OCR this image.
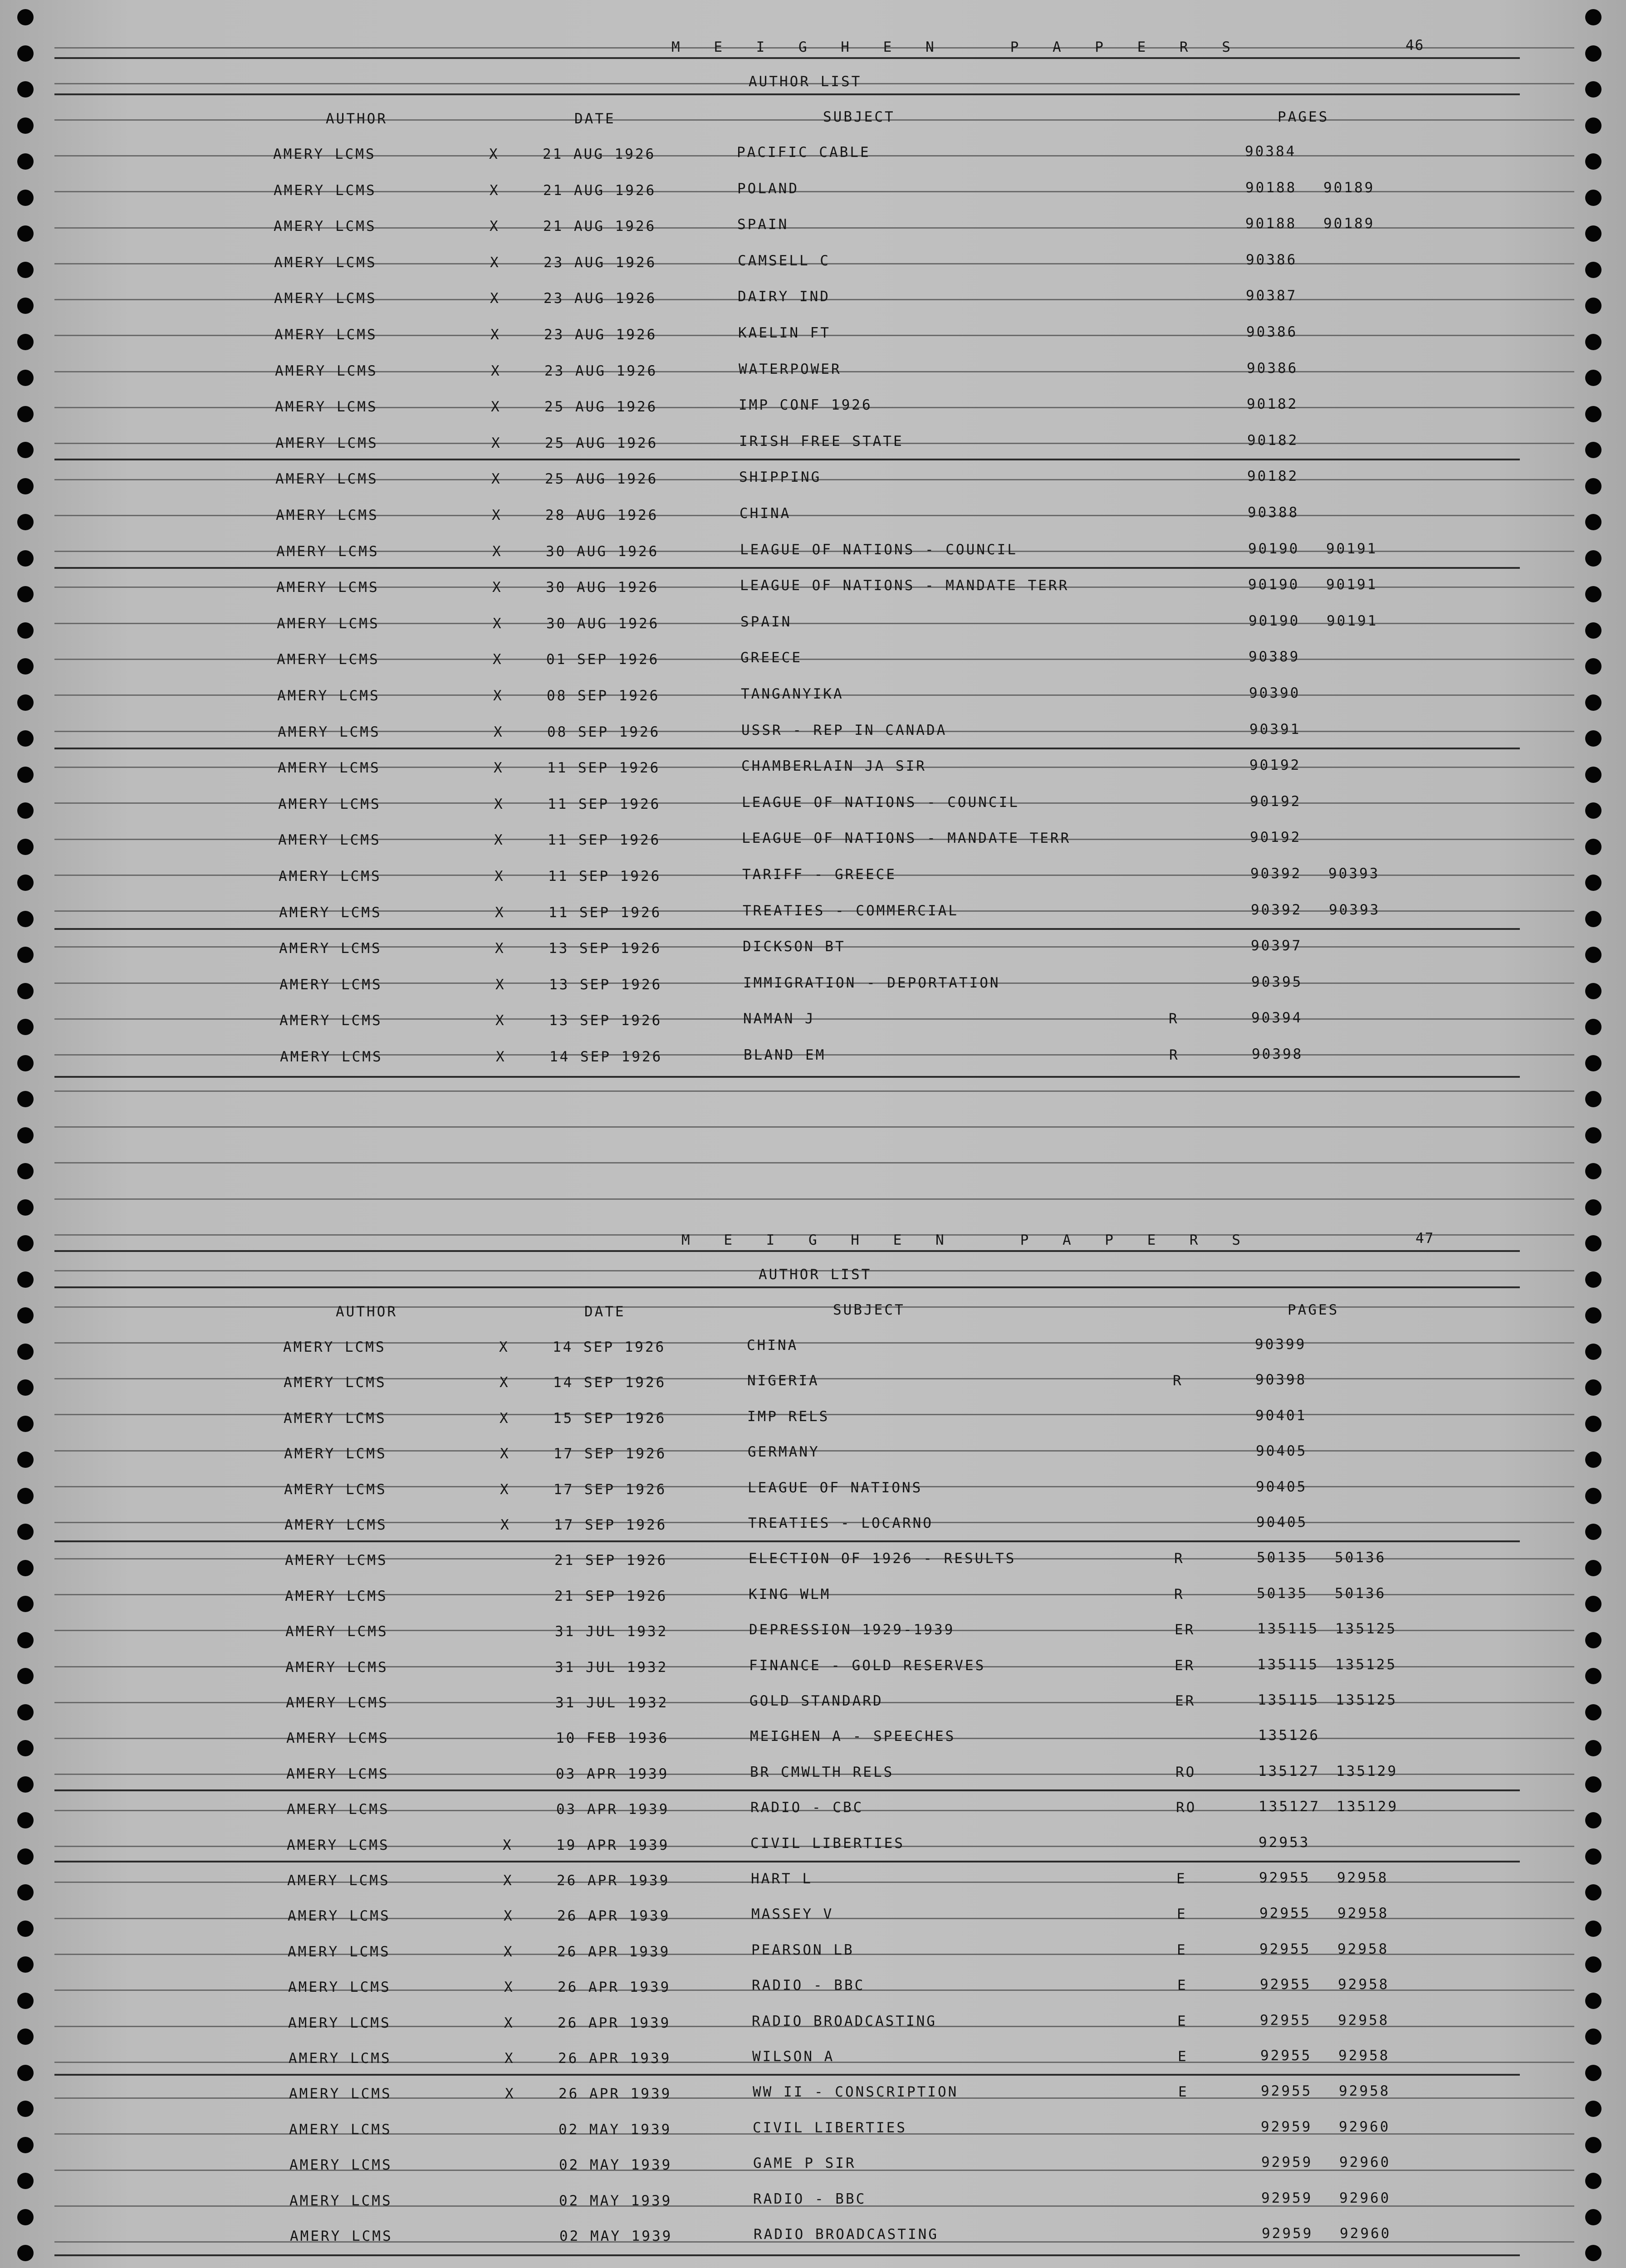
M E I G H E N   P A P E R S	46
AUTHOR LIST
AUTHOR	DATE	SUBJECT	PAGES
AMERY LCMS	X	21 AUG 1926	PACIFIC CABLE	90384
AMERY LCMS	X	21 AUG 1926	POLAND	90188 90189
AMERY LCMS	X	21 AUG 1926	SPAIN	90188 90189
AMERY LCMS	X	23 AUG 1926	CAMSELL C	90386
AMERY LCMS	X	23 AUG 1926	DAIRY IND	90387
AMERY LCMS	X	23 AUG 1926	KAELIN FT	90386
AMERY LCMS	X	23 AUG 1926	WATERPOWER	90386
AMERY LCMS	X	25 AUG 1926	IMP CONF 1926	90182
AMERY LCMS	X	25 AUG 1926	IRISH FREE STATE	90182
AMERY LCMS	X	25 AUG 1926	SHIPPING	90182
AMERY LCMS	X	28 AUG 1926	CHINA	90388
AMERY LCMS	X	30 AUG 1926	LEAGUE OF NATIONS - COUNCIL	90190 90191
AMERY LCMS	X	30 AUG 1926	LEAGUE OF NATIONS - MANDATE TERR	90190 90191
AMERY LCMS	X	30 AUG 1926	SPAIN	90190 90191
AMERY LCMS	X	01 SEP 1926	GREECE	90389
AMERY LCMS	X	08 SEP 1926	TANGANYIKA	90390
AMERY LCMS	X	08 SEP 1926	USSR - REP IN CANADA	90391
AMERY LCMS	X	11 SEP 1926	CHAMBERLAIN JA SIR	90192
AMERY LCMS	X	11 SEP 1926	LEAGUE OF NATIONS - COUNCIL	90192
AMERY LCMS	X	11 SEP 1926	LEAGUE OF NATIONS - MANDATE TERR	90192
AMERY LCMS	X	11 SEP 1926	TARIFF - GREECE	90392 90393
AMERY LCMS	X	11 SEP 1926	TREATIES - COMMERCIAL	90392 90393
AMERY LCMS	X	13 SEP 1926	DICKSON BT	90397
AMERY LCMS	X	13 SEP 1926	IMMIGRATION - DEPORTATION	90395
AMERY LCMS	X	13 SEP 1926	NAMAN J	R	90394
AMERY LCMS	X	14 SEP 1926	BLAND EM	R	90398
M E I G H E N   P A P E R S	47
AUTHOR LIST
AUTHOR	DATE	SUBJECT	PAGES
AMERY LCMS	X	14 SEP 1926	CHINA	90399
AMERY LCMS	X	14 SEP 1926	NIGERIA	R	90398
AMERY LCMS	X	15 SEP 1926	IMP RELS	90401
AMERY LCMS	X	17 SEP 1926	GERMANY	90405
AMERY LCMS	X	17 SEP 1926	LEAGUE OF NATIONS	90405
AMERY LCMS	X	17 SEP 1926	TREATIES - LOCARNO	90405
AMERY LCMS	21 SEP 1926	ELECTION OF 1926 - RESULTS	R	50135 50136
AMERY LCMS	21 SEP 1926	KING WLM	R	50135 50136
AMERY LCMS	31 JUL 1932	DEPRESSION 1929-1939	ER	135115 135125
AMERY LCMS	31 JUL 1932	FINANCE - GOLD RESERVES	ER	135115 135125
AMERY LCMS	31 JUL 1932	GOLD STANDARD	ER	135115 135125
AMERY LCMS	10 FEB 1936	MEIGHEN A - SPEECHES	135126
AMERY LCMS	03 APR 1939	BR CMWLTH RELS	RO	135127 135129
AMERY LCMS	03 APR 1939	RADIO - CBC	RO	135127 135129
AMERY LCMS	X	19 APR 1939	CIVIL LIBERTIES	92953
AMERY LCMS	X	26 APR 1939	HART L	E	92955 92958
AMERY LCMS	X	26 APR 1939	MASSEY V	E	92955 92958
AMERY LCMS	X	26 APR 1939	PEARSON LB	E	92955 92958
AMERY LCMS	X	26 APR 1939	RADIO - BBC	E	92955 92958
AMERY LCMS	X	26 APR 1939	RADIO BROADCASTING	E	92955 92958
AMERY LCMS	X	26 APR 1939	WILSON A	E	92955 92958
AMERY LCMS	X	26 APR 1939	WW II - CONSCRIPTION	E	92955 92958
AMERY LCMS	02 MAY 1939	CIVIL LIBERTIES	92959 92960
AMERY LCMS	02 MAY 1939	GAME P SIR	92959 92960
AMERY LCMS	02 MAY 1939	RADIO - BBC	92959 92960
AMERY LCMS	02 MAY 1939	RADIO BROADCASTING	92959 92960
